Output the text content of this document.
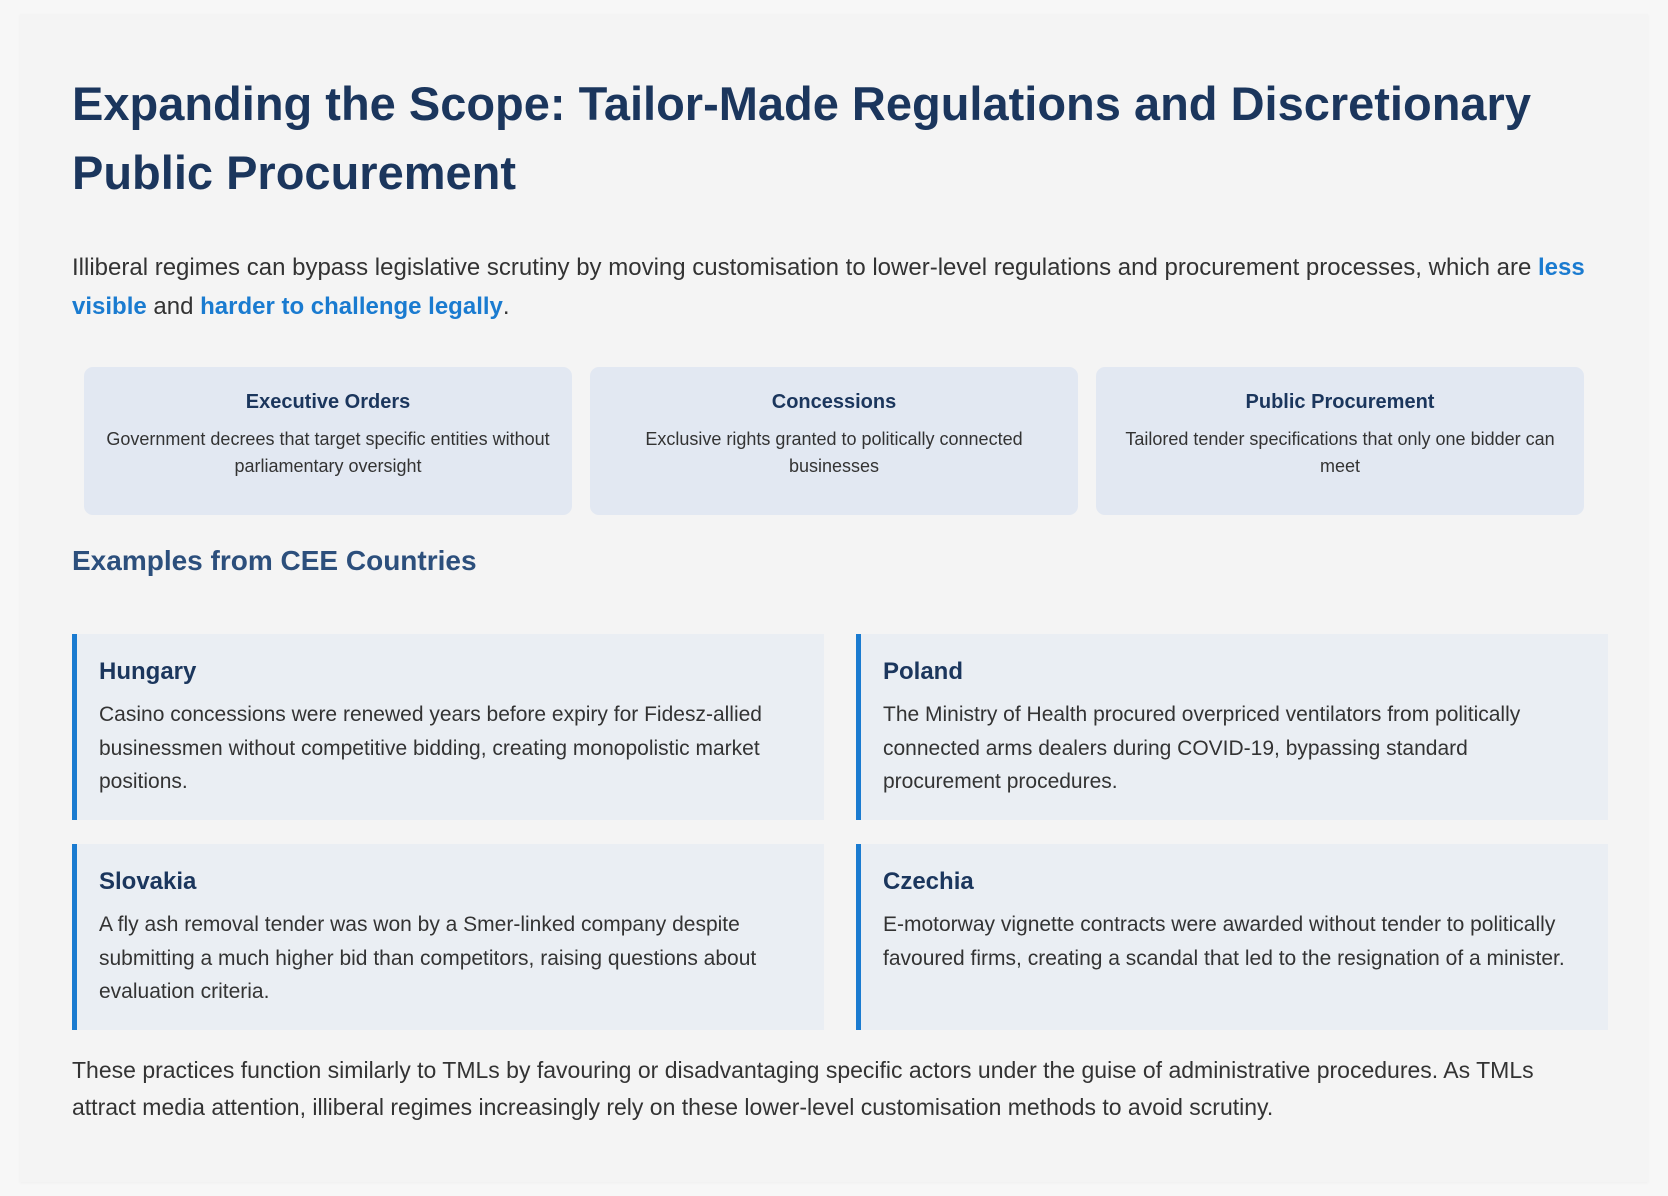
Expanding the Scope: Tailor-Made Regulations and Discretionary Public Procurement

Illiberal regimes can bypass legislative scrutiny by moving customisation to lower-level regulations and procurement processes, which are less visible and harder to challenge legally.

Executive Orders
Government decrees that target specific entities without parliamentary oversight
Concessions
Exclusive rights granted to politically connected businesses
Public Procurement
Tailored tender specifications that only one bidder can meet
Examples from CEE Countries
Hungary
Casino concessions were renewed years before expiry for Fidesz-allied businessmen without competitive bidding, creating monopolistic market positions.
Poland
The Ministry of Health procured overpriced ventilators from politically connected arms dealers during COVID-19, bypassing standard procurement procedures.
Slovakia
A fly ash removal tender was won by a Smer-linked company despite submitting a much higher bid than competitors, raising questions about evaluation criteria.
Czechia
E-motorway vignette contracts were awarded without tender to politically favoured firms, creating a scandal that led to the resignation of a minister.

These practices function similarly to TMLs by favouring or disadvantaging specific actors under the guise of administrative procedures. As TMLs attract media attention, illiberal regimes increasingly rely on these lower-level customisation methods to avoid scrutiny.
